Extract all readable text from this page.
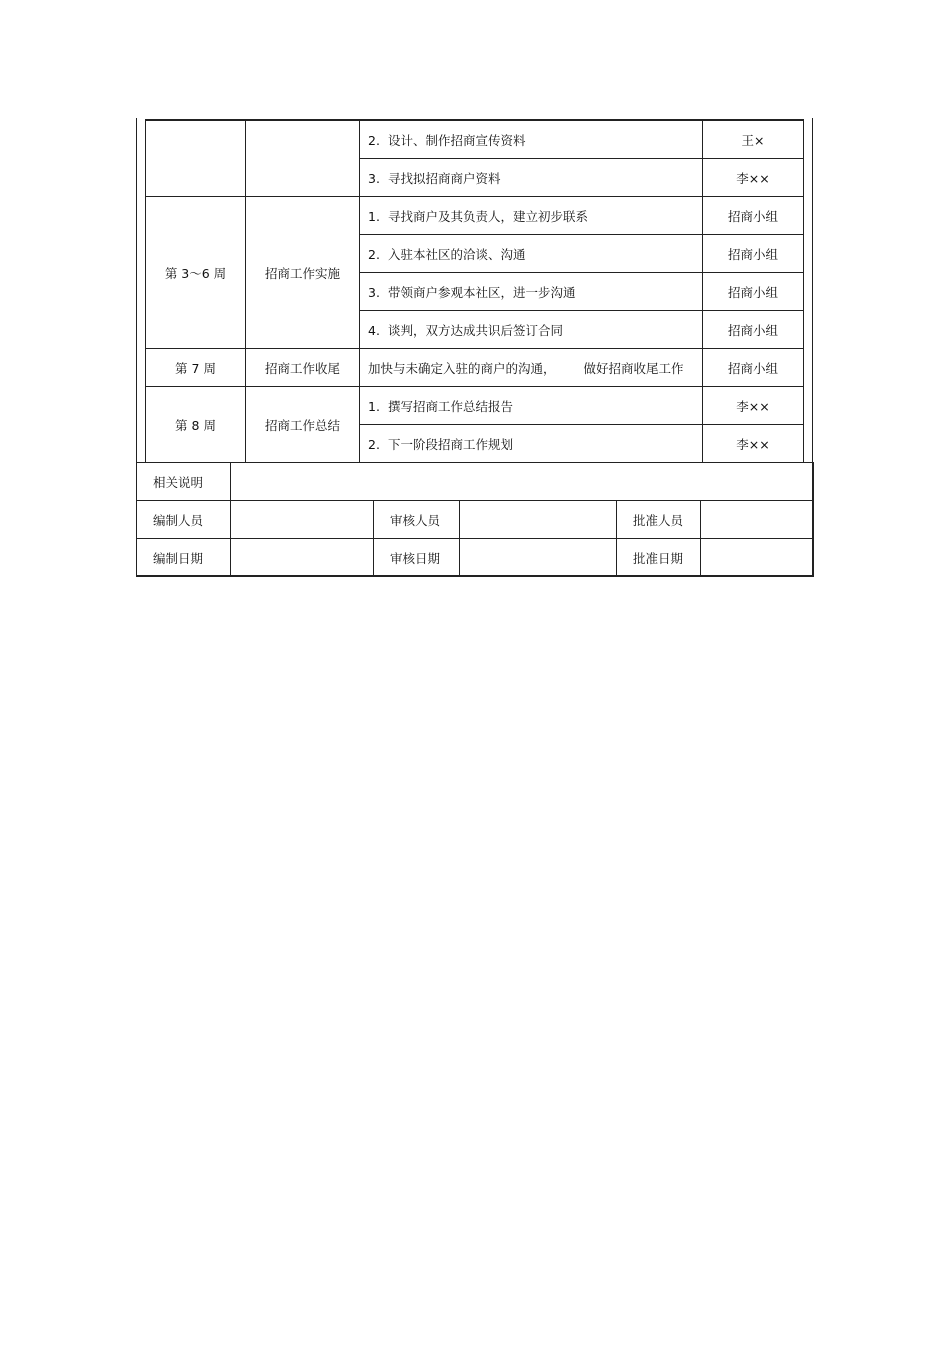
		2. 设计、制作招商宣传资料	王×
		3. 寻找拟招商商户资料	李××
第 3～6 周	招商工作实施	1. 寻找商户及其负责人，建立初步联系	招商小组
		2. 入驻本社区的洽谈、沟通	招商小组
		3. 带领商户参观本社区，进一步沟通	招商小组
		4. 谈判，双方达成共识后签订合同	招商小组
第 7 周	招商工作收尾	加快与未确定入驻的商户的沟通， 做好招商收尾工作	招商小组
第 8 周	招商工作总结	1. 撰写招商工作总结报告	李××
		2. 下一阶段招商工作规划	李××
相关说明					
编制人员		审核人员		批准人员	
编制日期		审核日期		批准日期	
